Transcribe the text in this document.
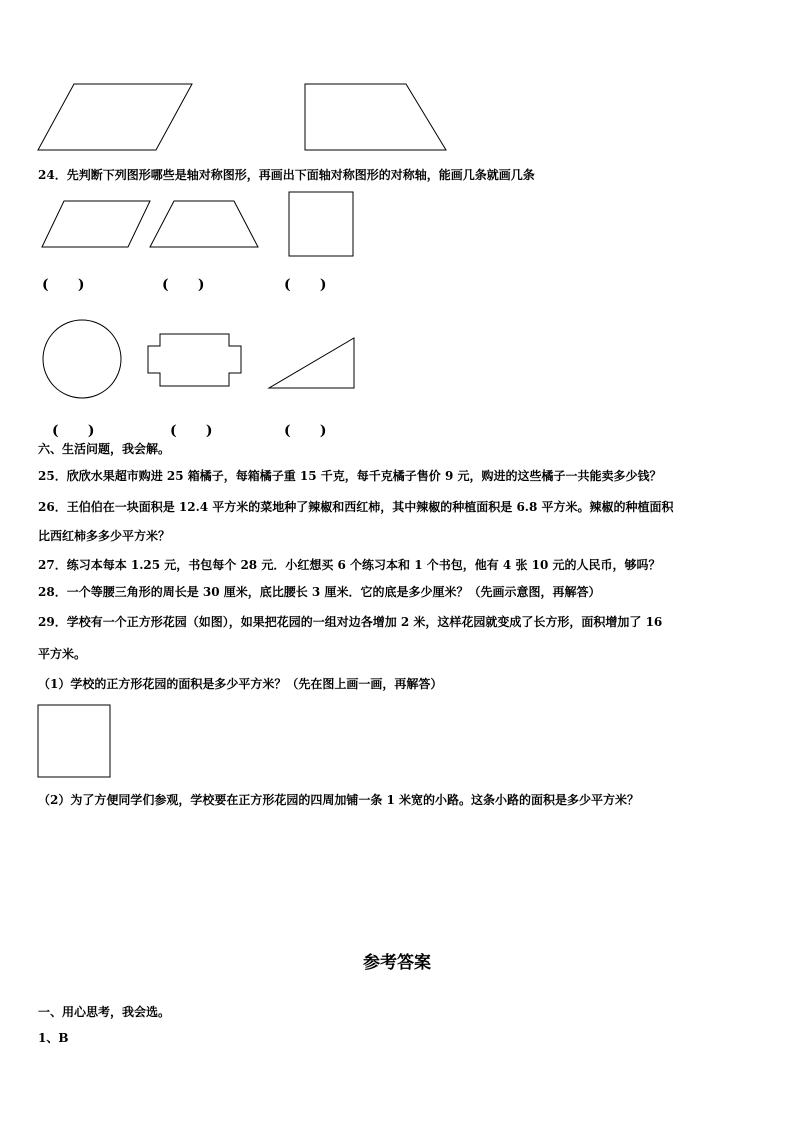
24．先判断下列图形哪些是轴对称图形，再画出下面轴对称图形的对称轴，能画几条就画几条
(      )	(      )	(      )
(      )	(      )	(      )
六、生活问题，我会解。
25．欣欣水果超市购进 25 箱橘子，每箱橘子重 15 千克，每千克橘子售价 9 元，购进的这些橘子一共能卖多少钱？
26．王伯伯在一块面积是 12.4 平方米的菜地种了辣椒和西红柿，其中辣椒的种植面积是 6.8 平方米。辣椒的种植面积
比西红柿多多少平方米？
27．练习本每本 1.25 元，书包每个 28 元．小红想买 6 个练习本和 1 个书包，他有 4 张 10 元的人民币，够吗？
28．一个等腰三角形的周长是 30 厘米，底比腰长 3 厘米．它的底是多少厘米？（先画示意图，再解答）
29．学校有一个正方形花园（如图），如果把花园的一组对边各增加 2 米，这样花园就变成了长方形，面积增加了 16
平方米。
（1）学校的正方形花园的面积是多少平方米？（先在图上画一画，再解答）
（2）为了方便同学们参观，学校要在正方形花园的四周加铺一条 1 米宽的小路。这条小路的面积是多少平方米？
参考答案
一、用心思考，我会选。
1、B
